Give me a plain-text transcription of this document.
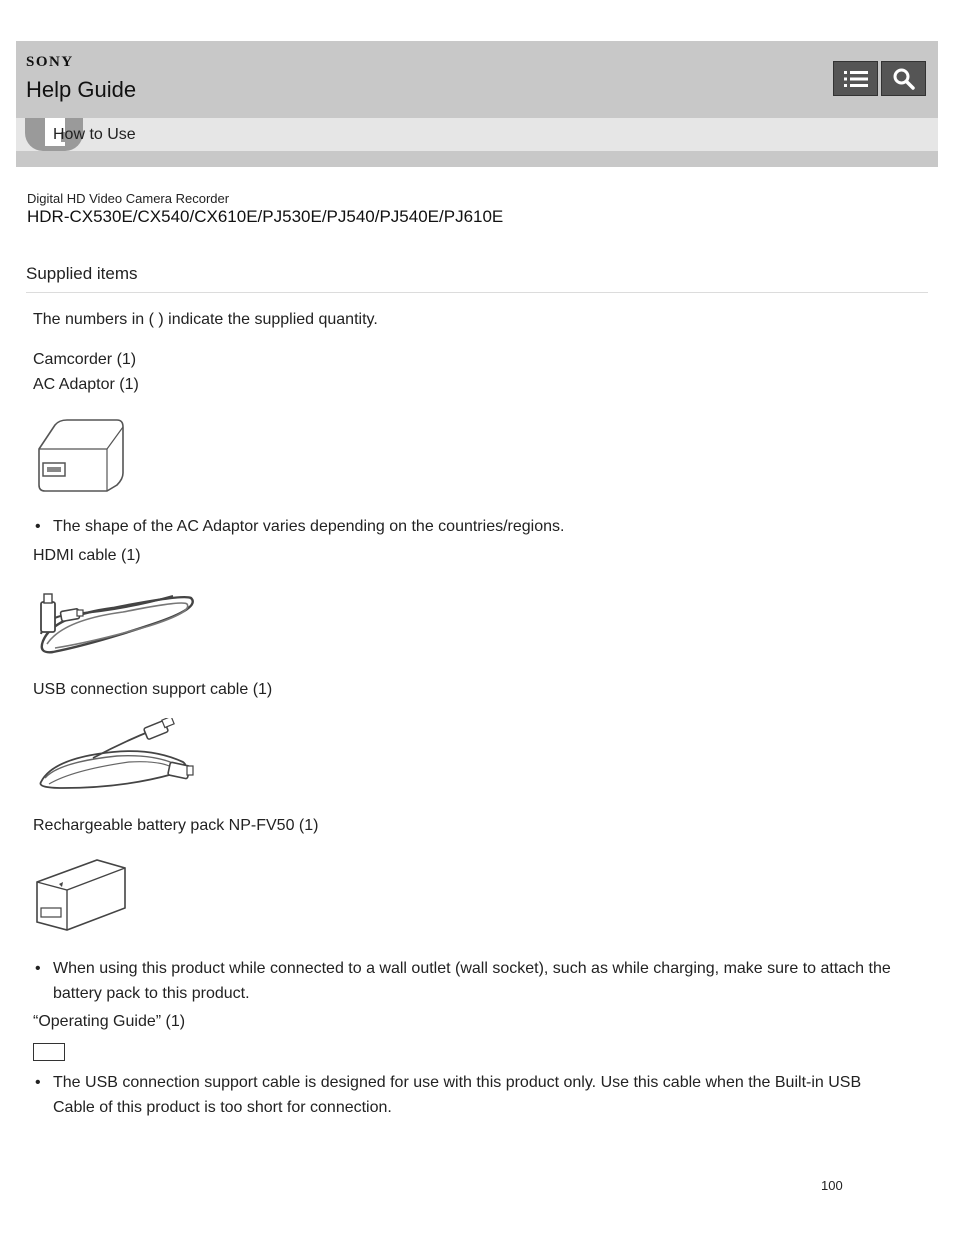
SONY
Help Guide
How to Use
Digital HD Video Camera Recorder
HDR-CX530E/CX540/CX610E/PJ530E/PJ540/PJ540E/PJ610E
Supplied items
The numbers in ( ) indicate the supplied quantity.
Camcorder (1)
AC Adaptor (1)
• The shape of the AC Adaptor varies depending on the countries/regions.
HDMI cable (1)
USB connection support cable (1)
Rechargeable battery pack NP-FV50 (1)
• When using this product while connected to a wall outlet (wall socket), such as while charging, make sure to attach the battery pack to this product.
“Operating Guide” (1)
• The USB connection support cable is designed for use with this product only. Use this cable when the Built-in USB Cable of this product is too short for connection.
100
